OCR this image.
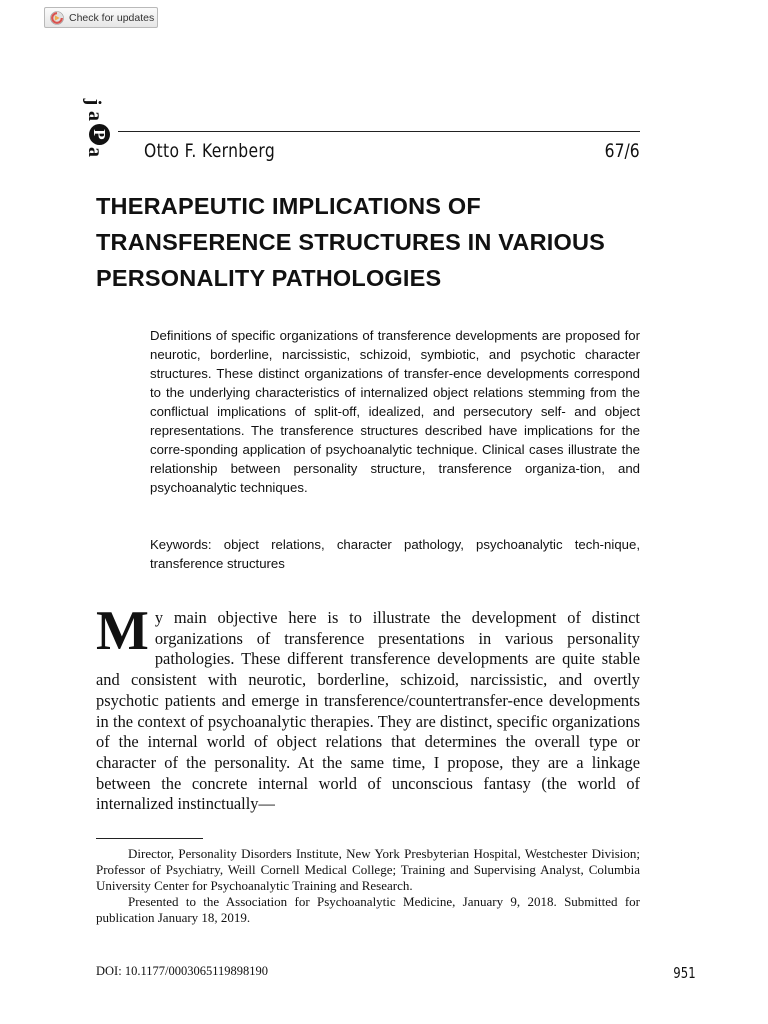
Check for updates
j
a
P
a Otto F. Kernberg	67/6
THERAPEUTIC IMPLICATIONS OF TRANSFERENCE STRUCTURES IN VARIOUS PERSONALITY PATHOLOGIES

Definitions of specific organizations of transference developments are proposed for neurotic, borderline, narcissistic, schizoid, symbiotic, and psychotic character structures. These distinct organizations of transfer-ence developments correspond to the underlying characteristics of internalized object relations stemming from the conflictual implications of split-off, idealized, and persecutory self- and object representations. The transference structures described have implications for the corre-sponding application of psychoanalytic technique. Clinical cases illustrate the relationship between personality structure, transference organiza-tion, and psychoanalytic techniques.

Keywords: object relations, character pathology, psychoanalytic tech-nique, transference structures

My main objective here is to illustrate the development of distinct organizations of transference presentations in various personality pathologies. These different transference developments are quite stable and consistent with neurotic, borderline, schizoid, narcissistic, and overtly psychotic patients and emerge in transference/countertransfer-ence developments in the context of psychoanalytic therapies. They are distinct, specific organizations of the internal world of object relations that determines the overall type or character of the personality. At the same time, I propose, they are a linkage between the concrete internal world of unconscious fantasy (the world of internalized instinctually—

Director, Personality Disorders Institute, New York Presbyterian Hospital, Westchester Division; Professor of Psychiatry, Weill Cornell Medical College; Training and Supervising Analyst, Columbia University Center for Psychoanalytic Training and Research.

Presented to the Association for Psychoanalytic Medicine, January 9, 2018. Submitted for publication January 18, 2019.

DOI: 10.1177/0003065119898190	951
